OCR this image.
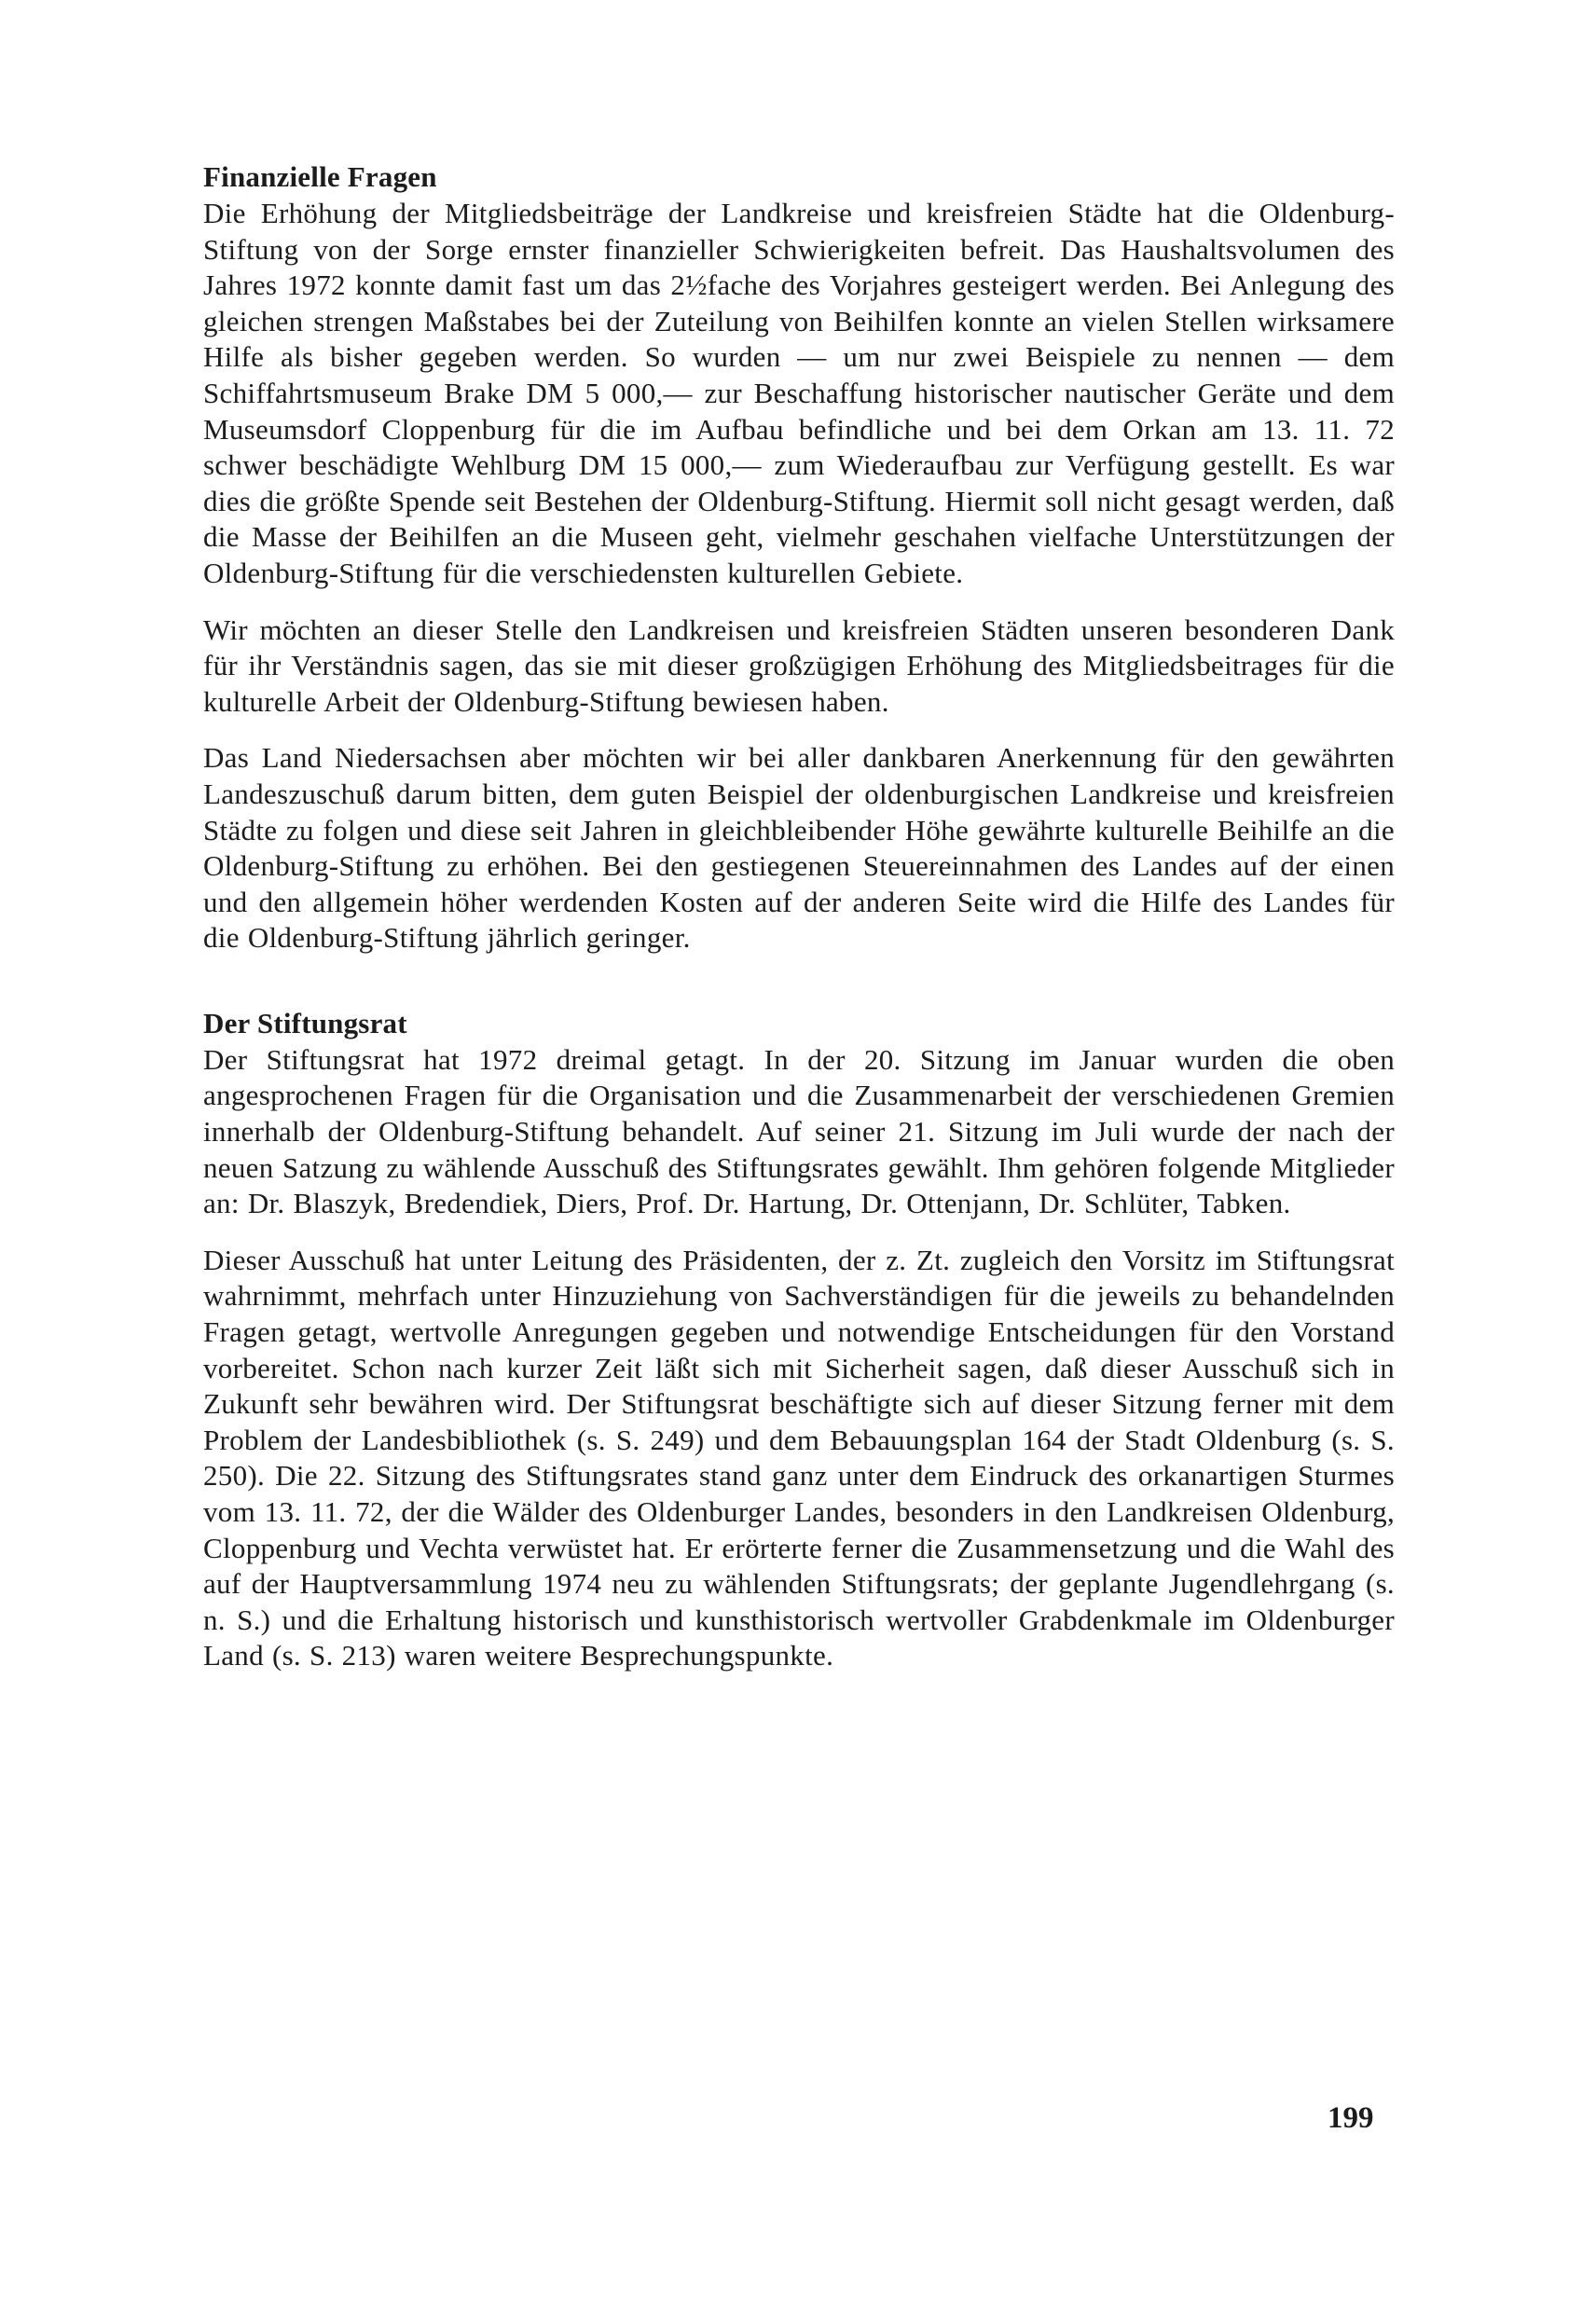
Finanzielle Fragen

Die Erhöhung der Mitgliedsbeiträge der Landkreise und kreisfreien Städte hat die Oldenburg-Stiftung von der Sorge ernster finanzieller Schwierigkeiten befreit. Das Haushaltsvolumen des Jahres 1972 konnte damit fast um das 2½fache des Vorjahres gesteigert werden. Bei Anlegung des gleichen strengen Maßstabes bei der Zuteilung von Beihilfen konnte an vielen Stellen wirksamere Hilfe als bisher gegeben werden. So wurden — um nur zwei Beispiele zu nennen — dem Schiffahrtsmuseum Brake DM 5 000,— zur Beschaffung historischer nautischer Geräte und dem Museumsdorf Cloppenburg für die im Aufbau befindliche und bei dem Orkan am 13. 11. 72 schwer beschädigte Wehlburg DM 15 000,— zum Wiederaufbau zur Verfügung gestellt. Es war dies die größte Spende seit Bestehen der Oldenburg-Stiftung. Hiermit soll nicht gesagt werden, daß die Masse der Beihilfen an die Museen geht, vielmehr geschahen vielfache Unterstützungen der Oldenburg-Stiftung für die verschiedensten kulturellen Gebiete.

Wir möchten an dieser Stelle den Landkreisen und kreisfreien Städten unseren besonderen Dank für ihr Verständnis sagen, das sie mit dieser großzügigen Erhöhung des Mitgliedsbeitrages für die kulturelle Arbeit der Oldenburg-Stiftung bewiesen haben.

Das Land Niedersachsen aber möchten wir bei aller dankbaren Anerkennung für den gewährten Landeszuschuß darum bitten, dem guten Beispiel der oldenburgischen Landkreise und kreisfreien Städte zu folgen und diese seit Jahren in gleichbleibender Höhe gewährte kulturelle Beihilfe an die Oldenburg-Stiftung zu erhöhen. Bei den gestiegenen Steuereinnahmen des Landes auf der einen und den allgemein höher werdenden Kosten auf der anderen Seite wird die Hilfe des Landes für die Oldenburg-Stiftung jährlich geringer.

Der Stiftungsrat

Der Stiftungsrat hat 1972 dreimal getagt. In der 20. Sitzung im Januar wurden die oben angesprochenen Fragen für die Organisation und die Zusammenarbeit der verschiedenen Gremien innerhalb der Oldenburg-Stiftung behandelt. Auf seiner 21. Sitzung im Juli wurde der nach der neuen Satzung zu wählende Ausschuß des Stiftungsrates gewählt. Ihm gehören folgende Mitglieder an: Dr. Blaszyk, Bredendiek, Diers, Prof. Dr. Hartung, Dr. Ottenjann, Dr. Schlüter, Tabken.

Dieser Ausschuß hat unter Leitung des Präsidenten, der z. Zt. zugleich den Vorsitz im Stiftungsrat wahrnimmt, mehrfach unter Hinzuziehung von Sachverständigen für die jeweils zu behandelnden Fragen getagt, wertvolle Anregungen gegeben und notwendige Entscheidungen für den Vorstand vorbereitet. Schon nach kurzer Zeit läßt sich mit Sicherheit sagen, daß dieser Ausschuß sich in Zukunft sehr bewähren wird. Der Stiftungsrat beschäftigte sich auf dieser Sitzung ferner mit dem Problem der Landesbibliothek (s. S. 249) und dem Bebauungsplan 164 der Stadt Oldenburg (s. S. 250). Die 22. Sitzung des Stiftungsrates stand ganz unter dem Eindruck des orkanartigen Sturmes vom 13. 11. 72, der die Wälder des Oldenburger Landes, besonders in den Landkreisen Oldenburg, Cloppenburg und Vechta verwüstet hat. Er erörterte ferner die Zusammensetzung und die Wahl des auf der Hauptversammlung 1974 neu zu wählenden Stiftungsrats; der geplante Jugendlehrgang (s. n. S.) und die Erhaltung historisch und kunsthistorisch wertvoller Grabdenkmale im Oldenburger Land (s. S. 213) waren weitere Besprechungspunkte.

199
